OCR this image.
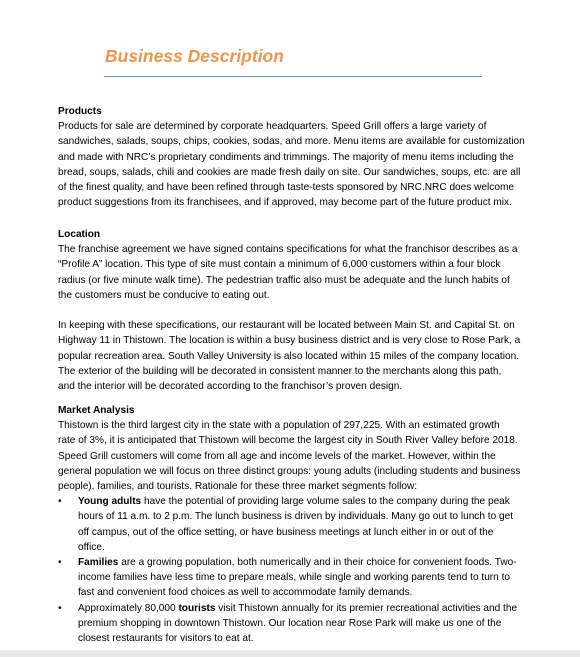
Business Description
Products
Products for sale are determined by corporate headquarters. Speed Grill offers a large variety of
sandwiches, salads, soups, chips, cookies, sodas, and more. Menu items are available for customization
and made with NRC’s proprietary condiments and trimmings. The majority of menu items including the
bread, soups, salads, chili and cookies are made fresh daily on site. Our sandwiches, soups, etc. are all
of the finest quality, and have been refined through taste-tests sponsored by NRC.NRC does welcome
product suggestions from its franchisees, and if approved, may become part of the future product mix.
Location
The franchise agreement we have signed contains specifications for what the franchisor describes as a
“Profile A” location. This type of site must contain a minimum of 6,000 customers within a four block
radius (or five minute walk time). The pedestrian traffic also must be adequate and the lunch habits of
the customers must be conducive to eating out.
In keeping with these specifications, our restaurant will be located between Main St. and Capital St. on
Highway 11 in Thistown. The location is within a busy business district and is very close to Rose Park, a
popular recreation area. South Valley University is also located within 15 miles of the company location.
The exterior of the building will be decorated in consistent manner to the merchants along this path,
and the interior will be decorated according to the franchisor’s proven design.
Market Analysis
Thistown is the third largest city in the state with a population of 297,225. With an estimated growth
rate of 3%, it is anticipated that Thistown will become the largest city in South River Valley before 2018.
Speed Grill customers will come from all age and income levels of the market. However, within the
general population we will focus on three distinct groups: young adults (including students and business
people), families, and tourists. Rationale for these three market segments follow:
• Young adults have the potential of providing large volume sales to the company during the peak
hours of 11 a.m. to 2 p.m. The lunch business is driven by individuals. Many go out to lunch to get
off campus, out of the office setting, or have business meetings at lunch either in or out of the
office.
• Families are a growing population, both numerically and in their choice for convenient foods. Two-
income families have less time to prepare meals, while single and working parents tend to turn to
fast and convenient food choices as well to accommodate family demands.
• Approximately 80,000 tourists visit Thistown annually for its premier recreational activities and the
premium shopping in downtown Thistown. Our location near Rose Park will make us one of the
closest restaurants for visitors to eat at.
